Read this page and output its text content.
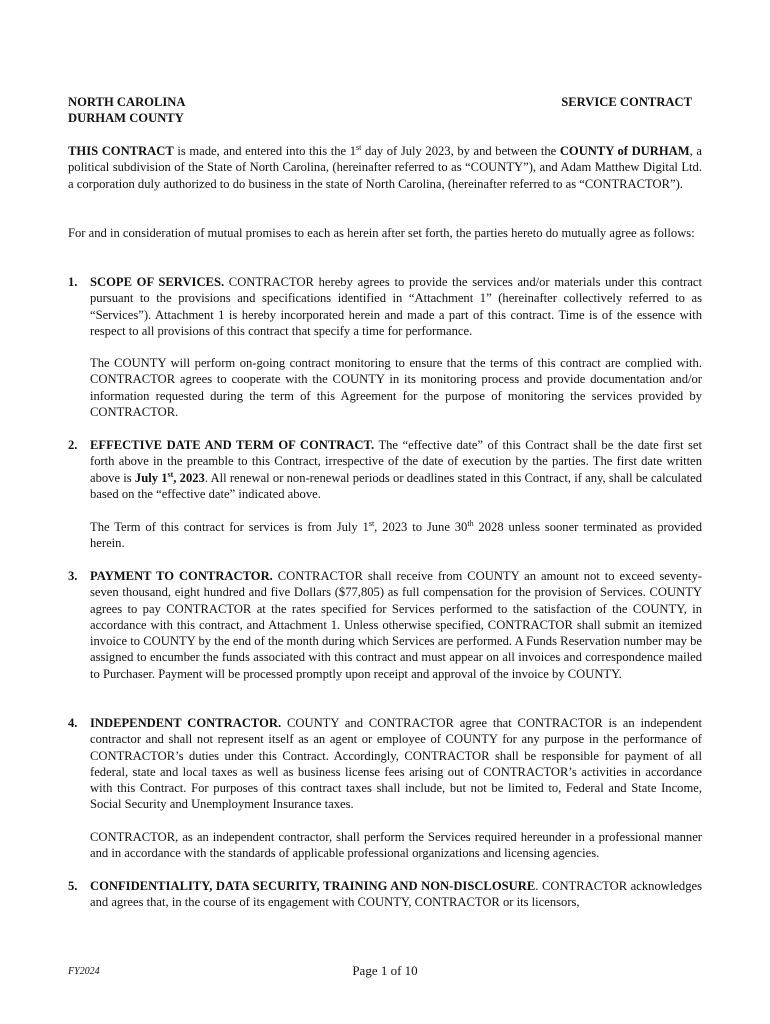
NORTH CAROLINA
DURHAM COUNTY
SERVICE CONTRACT
THIS CONTRACT is made, and entered into this the 1st day of July 2023, by and between the COUNTY of DURHAM, a political subdivision of the State of North Carolina, (hereinafter referred to as “COUNTY”), and Adam Matthew Digital Ltd. a corporation duly authorized to do business in the state of North Carolina, (hereinafter referred to as “CONTRACTOR”).
For and in consideration of mutual promises to each as herein after set forth, the parties hereto do mutually agree as follows:
1. SCOPE OF SERVICES. CONTRACTOR hereby agrees to provide the services and/or materials under this contract pursuant to the provisions and specifications identified in “Attachment 1” (hereinafter collectively referred to as “Services”). Attachment 1 is hereby incorporated herein and made a part of this contract. Time is of the essence with respect to all provisions of this contract that specify a time for performance.
The COUNTY will perform on-going contract monitoring to ensure that the terms of this contract are complied with. CONTRACTOR agrees to cooperate with the COUNTY in its monitoring process and provide documentation and/or information requested during the term of this Agreement for the purpose of monitoring the services provided by CONTRACTOR.
2. EFFECTIVE DATE AND TERM OF CONTRACT. The “effective date” of this Contract shall be the date first set forth above in the preamble to this Contract, irrespective of the date of execution by the parties. The first date written above is July 1st, 2023. All renewal or non-renewal periods or deadlines stated in this Contract, if any, shall be calculated based on the “effective date” indicated above.
The Term of this contract for services is from July 1st, 2023 to June 30th 2028 unless sooner terminated as provided herein.
3. PAYMENT TO CONTRACTOR. CONTRACTOR shall receive from COUNTY an amount not to exceed seventy-seven thousand, eight hundred and five Dollars ($77,805) as full compensation for the provision of Services. COUNTY agrees to pay CONTRACTOR at the rates specified for Services performed to the satisfaction of the COUNTY, in accordance with this contract, and Attachment 1. Unless otherwise specified, CONTRACTOR shall submit an itemized invoice to COUNTY by the end of the month during which Services are performed. A Funds Reservation number may be assigned to encumber the funds associated with this contract and must appear on all invoices and correspondence mailed to Purchaser. Payment will be processed promptly upon receipt and approval of the invoice by COUNTY.
4. INDEPENDENT CONTRACTOR. COUNTY and CONTRACTOR agree that CONTRACTOR is an independent contractor and shall not represent itself as an agent or employee of COUNTY for any purpose in the performance of CONTRACTOR’s duties under this Contract. Accordingly, CONTRACTOR shall be responsible for payment of all federal, state and local taxes as well as business license fees arising out of CONTRACTOR’s activities in accordance with this Contract. For purposes of this contract taxes shall include, but not be limited to, Federal and State Income, Social Security and Unemployment Insurance taxes.
CONTRACTOR, as an independent contractor, shall perform the Services required hereunder in a professional manner and in accordance with the standards of applicable professional organizations and licensing agencies.
5. CONFIDENTIALITY, DATA SECURITY, TRAINING AND NON-DISCLOSURE. CONTRACTOR acknowledges and agrees that, in the course of its engagement with COUNTY, CONTRACTOR or its licensors,
FY2024	Page 1 of 10
